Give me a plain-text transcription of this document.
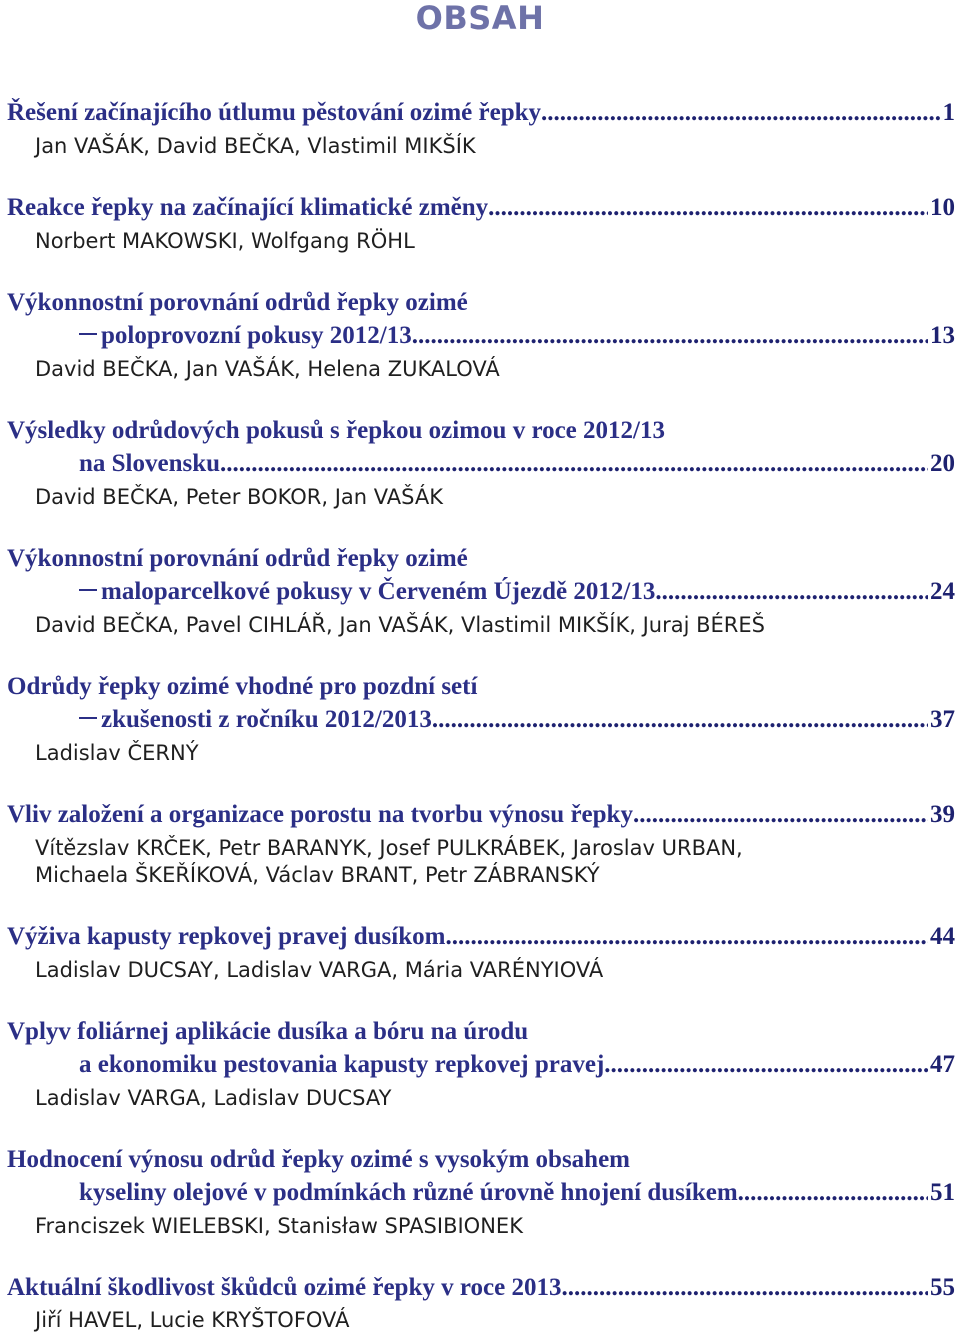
OBSAH
Řešení začínajícího útlumu pěstování ozimé řepky .....	1
Jan VAŠÁK, David BEČKA, Vlastimil MIKŠÍK
Reakce řepky na začínající klimatické změny .....	10
Norbert MAKOWSKI, Wolfgang RÖHL
Výkonnostní porovnání odrůd řepky ozimé
poloprovozní pokusy 2012/13 .....	13
David BEČKA, Jan VAŠÁK, Helena ZUKALOVÁ
Výsledky odrůdových pokusů s řepkou ozimou v roce 2012/13
na Slovensku .....	20
David BEČKA, Peter BOKOR, Jan VAŠÁK
Výkonnostní porovnání odrůd řepky ozimé
maloparcelkové pokusy v Červeném Újezdě 2012/13 .....	24
David BEČKA, Pavel CIHLÁŘ, Jan VAŠÁK, Vlastimil MIKŠÍK, Juraj BÉREŠ
Odrůdy řepky ozimé vhodné pro pozdní setí
zkušenosti z ročníku 2012/2013 .....	37
Ladislav ČERNÝ
Vliv založení a organizace porostu na tvorbu výnosu řepky .....	39
Vítězslav KRČEK, Petr BARANYK, Josef PULKRÁBEK, Jaroslav URBAN,
Michaela ŠKEŘÍKOVÁ, Václav BRANT, Petr ZÁBRANSKÝ
Výživa kapusty repkovej pravej dusíkom .....	44
Ladislav DUCSAY, Ladislav VARGA, Mária VARÉNYIOVÁ
Vplyv foliárnej aplikácie dusíka a bóru na úrodu
a ekonomiku pestovania kapusty repkovej pravej .....	47
Ladislav VARGA, Ladislav DUCSAY
Hodnocení výnosu odrůd řepky ozimé s vysokým obsahem
kyseliny olejové v podmínkách různé úrovně hnojení dusíkem .....	51
Franciszek WIELEBSKI, Stanisław SPASIBIONEK
Aktuální škodlivost škůdců ozimé řepky v roce 2013 .....	55
Jiří HAVEL, Lucie KRYŠTOFOVÁ
